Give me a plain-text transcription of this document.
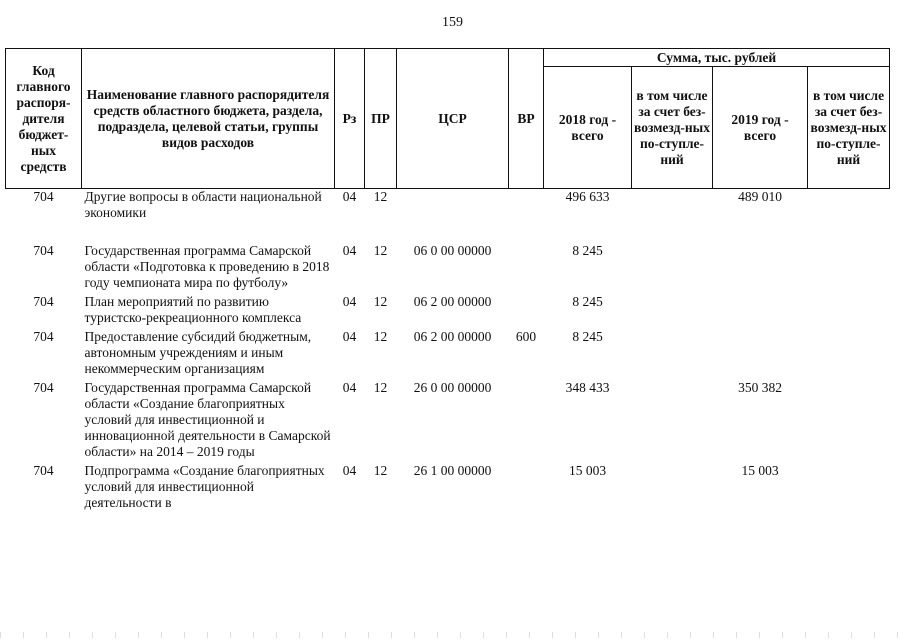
159
Код главного распоря-дителя бюджет-ных средств	Наименование главного распорядителя средств областного бюджета, раздела, подраздела, целевой статьи, группы видов расходов	Рз	ПР	ЦСР	ВР	Сумма, тыс. рублей			
						2018 год - всего	в том числе за счет без-возмезд-ных по-ступле-ний	2019 год - всего	в том числе за счет без-возмезд-ных по-ступле-ний
704	Другие вопросы в области национальной экономики	04	12			496 633		489 010	
704	Государственная программа Самарской области «Подготовка к проведению в 2018 году чемпионата мира по футболу»	04	12	06 0 00 00000		8 245			
704	План мероприятий по развитию туристско-рекреационного комплекса	04	12	06 2 00 00000		8 245			
704	Предоставление субсидий бюджетным, автономным учреждениям и иным некоммерческим организациям	04	12	06 2 00 00000	600	8 245			
704	Государственная программа Самарской области «Создание благоприятных условий для инвестиционной и инновационной деятельности в Самарской области» на 2014 – 2019 годы	04	12	26 0 00 00000		348 433		350 382	
704	Подпрограмма «Создание благоприятных условий для инвестиционной деятельности в	04	12	26 1 00 00000		15 003		15 003	
